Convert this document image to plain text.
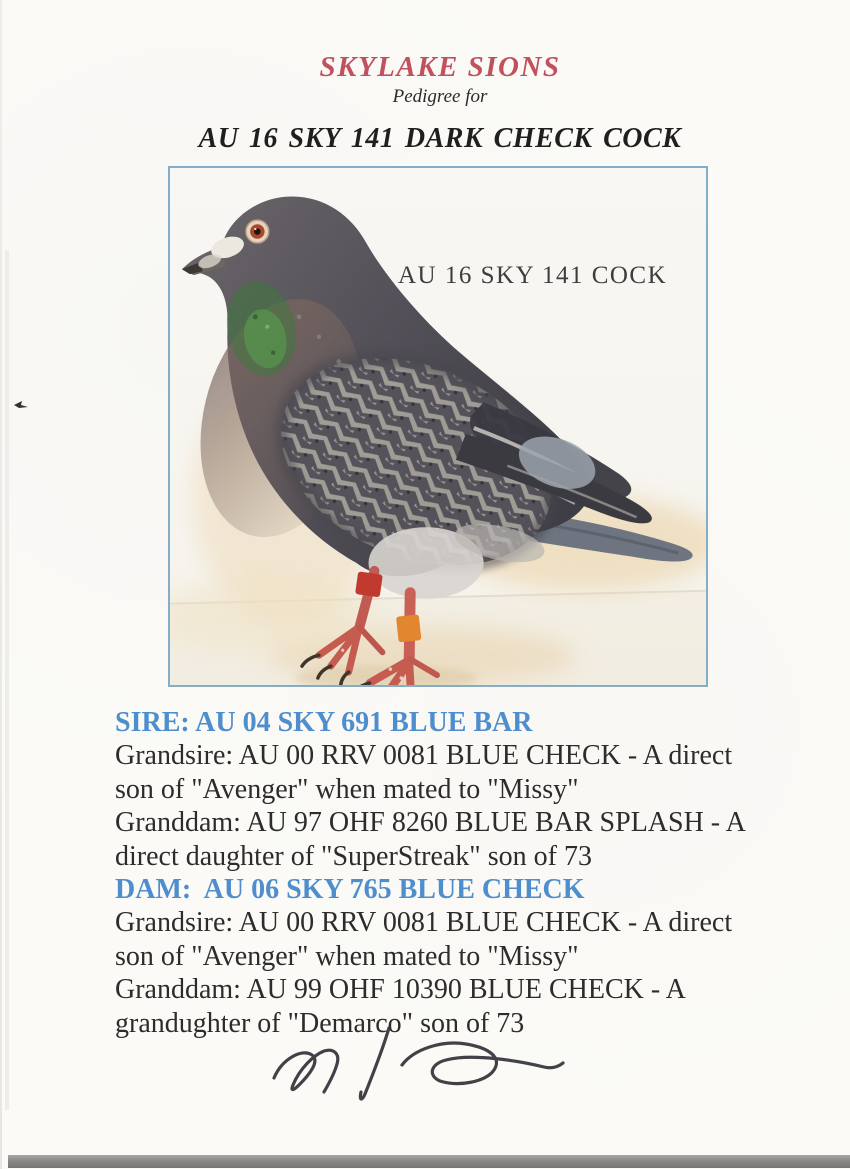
SKYLAKE SIONS
Pedigree for
AU 16 SKY 141 DARK CHECK COCK
AU 16 SKY 141 COCK
SIRE: AU 04 SKY 691 BLUE BAR
Grandsire: AU 00 RRV 0081 BLUE CHECK - A direct
son of "Avenger" when mated to "Missy"
Granddam: AU 97 OHF 8260 BLUE BAR SPLASH - A
direct daughter of "SuperStreak" son of 73
DAM:  AU 06 SKY 765 BLUE CHECK
Grandsire: AU 00 RRV 0081 BLUE CHECK - A direct
son of "Avenger" when mated to "Missy"
Granddam: AU 99 OHF 10390 BLUE CHECK - A
grandughter of "Demarco" son of 73
